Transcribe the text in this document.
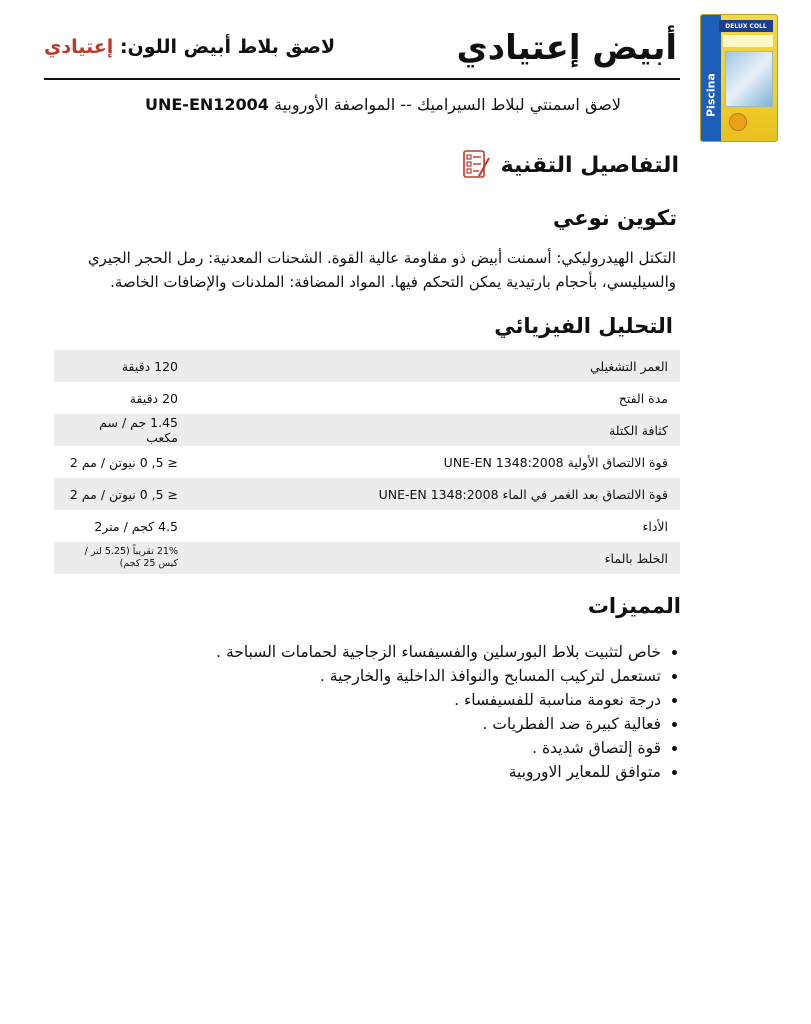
DELUX COLL
Piscina
أبيض إعتيادي
لاصق بلاط أبيض اللون: إعتيادي
لاصق اسمنتي لبلاط السيراميك -- المواصفة الأوروبية UNE-EN12004
التفاصيل التقنية
تكوين نوعي

التكتل الهيدروليكي: أسمنت أبيض ذو مقاومة عالية القوة. الشحنات المعدنية: رمل الحجر الجيري والسيليسي، بأحجام بارتيدية يمكن التحكم فيها. المواد المضافة: الملدنات والإضافات الخاصة.

التحليل الفيزيائي
العمر التشغيلي	120 دقيقة
مدة الفتح	20 دقيقة
كثافة الكتلة	1.45 جم / سم مكعب
قوة الالتصاق الأولية UNE-EN 1348:2008	≤ 5, 0 نيوتن / مم 2
قوة الالتصاق بعد الغمر في الماء UNE-EN 1348:2008	≤ 5, 0 نيوتن / مم 2
الأداء	4.5 كجم / متر2
الخلط بالماء	21% تقريباً (5.25 لتر / كيس 25 كجم)
المميزات
• خاص لتثبيت بلاط البورسلين والفسيفساء الزجاجية لحمامات السباحة .
• تستعمل لتركيب المسابح والنوافذ الداخلية والخارجية .
• درجة نعومة مناسبة للفسيفساء .
• فعالية كبيرة ضد الفطريات .
• قوة إلتصاق شديدة .
• متوافق للمعاير الاوروبية
